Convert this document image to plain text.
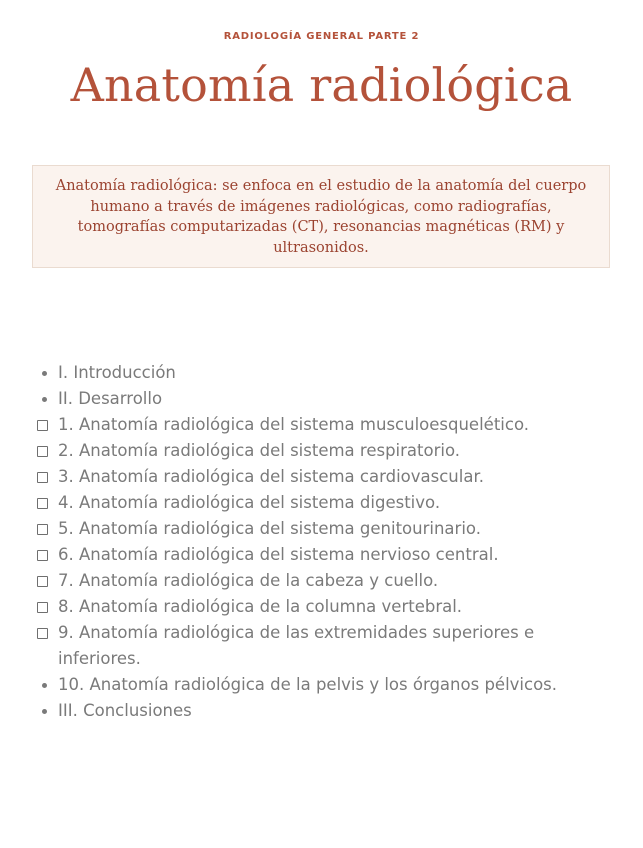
RADIOLOGÍA GENERAL PARTE 2
Anatomía radiológica
Anatomía radiológica: se enfoca en el estudio de la anatomía del cuerpo humano a través de imágenes radiológicas, como radiografías, tomografías computarizadas (CT), resonancias magnéticas (RM) y ultrasonidos.
I. Introducción
II. Desarrollo
1. Anatomía radiológica del sistema musculoesquelético.
2. Anatomía radiológica del sistema respiratorio.
3. Anatomía radiológica del sistema cardiovascular.
4. Anatomía radiológica del sistema digestivo.
5. Anatomía radiológica del sistema genitourinario.
6. Anatomía radiológica del sistema nervioso central.
7. Anatomía radiológica de la cabeza y cuello.
8. Anatomía radiológica de la columna vertebral.
9. Anatomía radiológica de las extremidades superiores e inferiores.
10. Anatomía radiológica de la pelvis y los órganos pélvicos.
III. Conclusiones
